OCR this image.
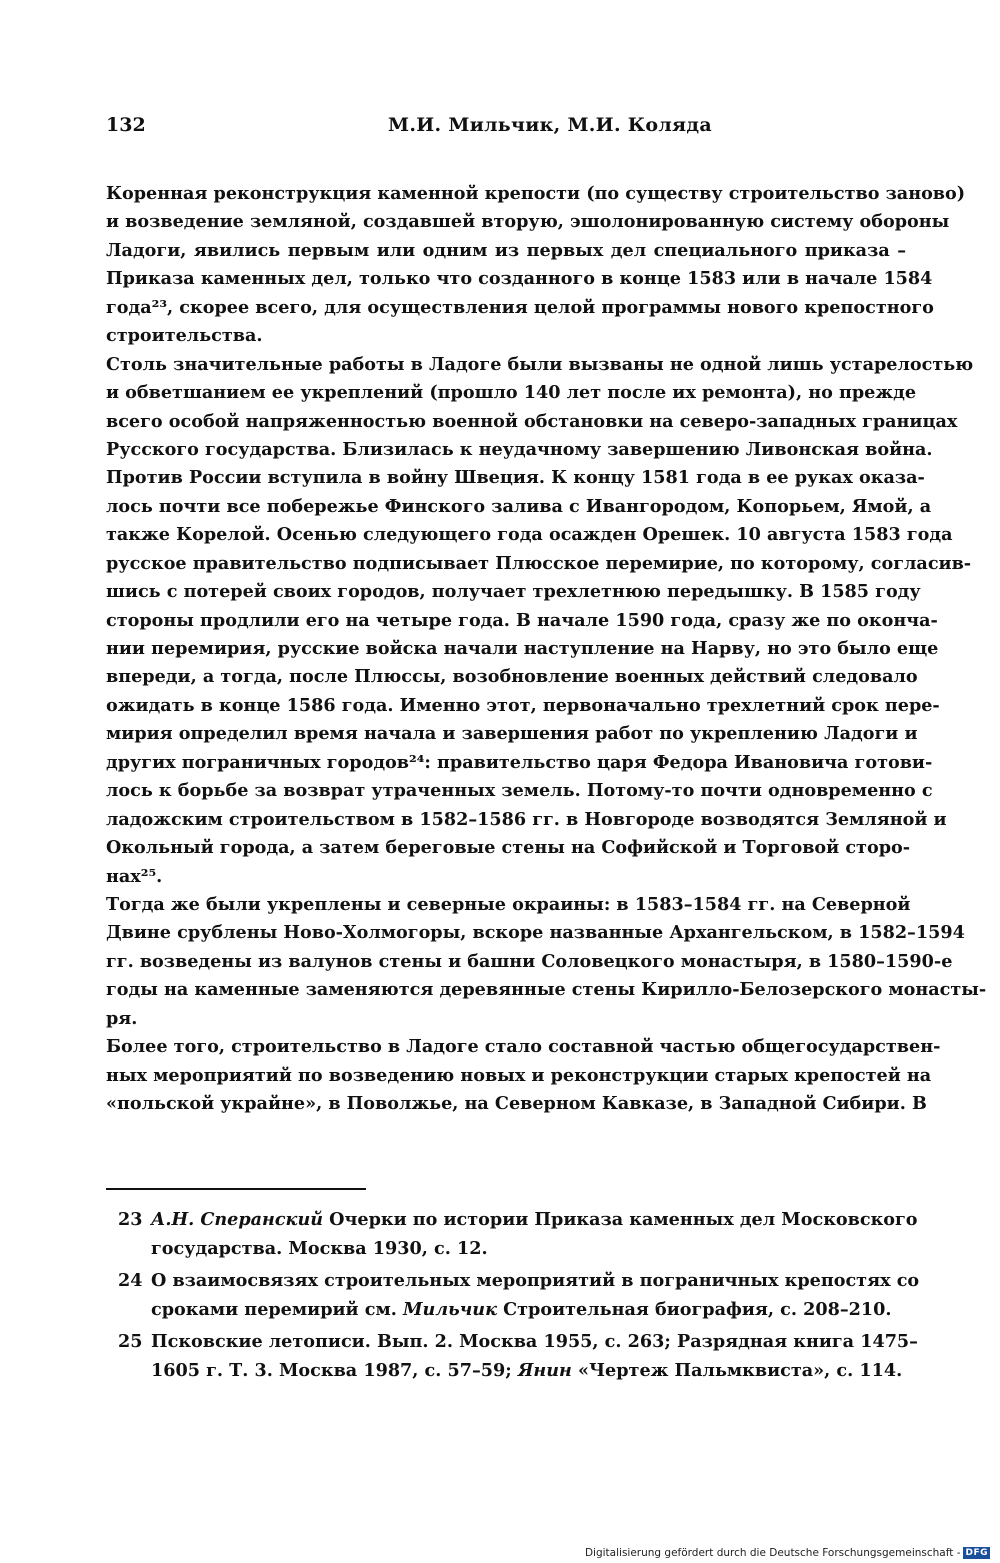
132	М.И. Мильчик, М.И. Коляда
Коренная реконструкция каменной крепости (по существу строительство заново)
и возведение земляной, создавшей вторую, эшолонированную систему обороны
Ладоги, явились первым или одним из первых дел специального приказа –
Приказа каменных дел, только что созданного в конце 1583 или в начале 1584
года²³, скорее всего, для осуществления целой программы нового крепостного
строительства.
Столь значительные работы в Ладоге были вызваны не одной лишь устарелостью
и обветшанием ее укреплений (прошло 140 лет после их ремонта), но прежде
всего особой напряженностью военной обстановки на северо-западных границах
Русского государства. Близилась к неудачному завершению Ливонская война.
Против России вступила в войну Швеция. К концу 1581 года в ее руках оказа-
лось почти все побережье Финского залива с Ивангородом, Копорьем, Ямой, а
также Корелой. Осенью следующего года осажден Орешек. 10 августа 1583 года
русское правительство подписывает Плюсское перемирие, по которому, согласив-
шись с потерей своих городов, получает трехлетнюю передышку. В 1585 году
стороны продлили его на четыре года. В начале 1590 года, сразу же по оконча-
нии перемирия, русские войска начали наступление на Нарву, но это было еще
впереди, а тогда, после Плюссы, возобновление военных действий следовало
ожидать в конце 1586 года. Именно этот, первоначально трехлетний срок пере-
мирия определил время начала и завершения работ по укреплению Ладоги и
других пограничных городов²⁴: правительство царя Федора Ивановича готови-
лось к борьбе за возврат утраченных земель. Потому-то почти одновременно с
ладожским строительством в 1582–1586 гг. в Новгороде возводятся Земляной и
Окольный города, а затем береговые стены на Софийской и Торговой сторо-
нах²⁵.
Тогда же были укреплены и северные окраины: в 1583–1584 гг. на Северной
Двине срублены Ново-Холмогоры, вскоре названные Архангельском, в 1582–1594
гг. возведены из валунов стены и башни Соловецкого монастыря, в 1580–1590-е
годы на каменные заменяются деревянные стены Кирилло-Белозерского монасты-
ря.
Более того, строительство в Ладоге стало составной частью общегосударствен-
ных мероприятий по возведению новых и реконструкции старых крепостей на
«польской украйне», в Поволжье, на Северном Кавказе, в Западной Сибири. В
23 А.Н. Сперанский Очерки по истории Приказа каменных дел Московского
государства. Москва 1930, с. 12.
24 О взаимосвязях строительных мероприятий в пограничных крепостях со
сроками перемирий см. Мильчик Строительная биография, с. 208–210.
25 Псковские летописи. Вып. 2. Москва 1955, с. 263; Разрядная книга 1475–
1605 г. Т. 3. Москва 1987, с. 57–59; Янин «Чертеж Пальмквиста», с. 114.
Digitalisierung gefördert durch die Deutsche Forschungsgemeinschaft - DFG
